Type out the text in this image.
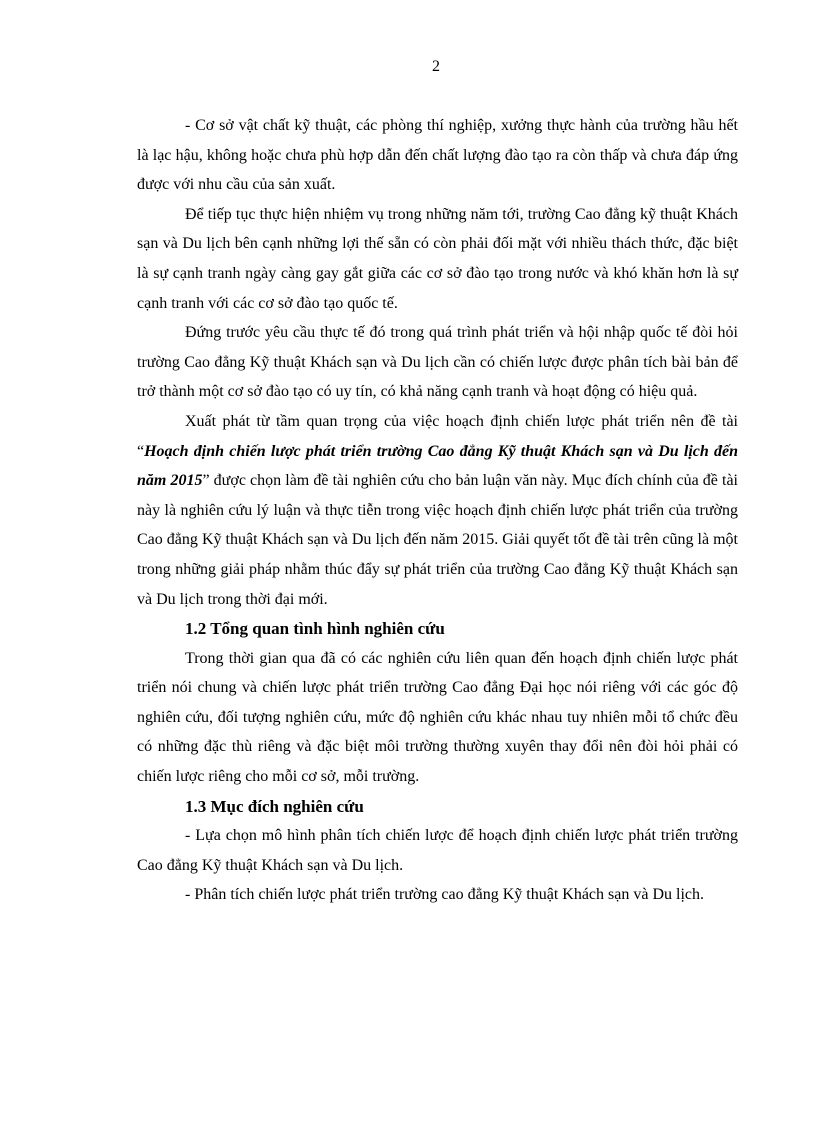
2

- Cơ sở vật chất kỹ thuật, các phòng thí nghiệp, xưởng thực hành của trường hầu hết là lạc hậu, không hoặc chưa phù hợp dẫn đến chất lượng đào tạo ra còn thấp và chưa đáp ứng được với nhu cầu của sản xuất.

Để tiếp tục thực hiện nhiệm vụ trong những năm tới, trường Cao đẳng kỹ thuật Khách sạn và Du lịch bên cạnh những lợi thế sẵn có còn phải đối mặt với nhiều thách thức, đặc biệt là sự cạnh tranh ngày càng gay gắt giữa các cơ sở đào tạo trong nước và khó khăn hơn là sự cạnh tranh với các cơ sở đào tạo quốc tế.

Đứng trước yêu cầu thực tế đó trong quá trình phát triển và hội nhập quốc tế đòi hỏi trường Cao đẳng Kỹ thuật Khách sạn và Du lịch cần có chiến lược được phân tích bài bản để trở thành một cơ sở đào tạo có uy tín, có khả năng cạnh tranh và hoạt động có hiệu quả.

Xuất phát từ tầm quan trọng của việc hoạch định chiến lược phát triển nên đề tài “Hoạch định chiến lược phát triển trường Cao đẳng Kỹ thuật Khách sạn và Du lịch đến năm 2015” được chọn làm đề tài nghiên cứu cho bản luận văn này. Mục đích chính của đề tài này là nghiên cứu lý luận và thực tiễn trong việc hoạch định chiến lược phát triển của trường Cao đẳng Kỹ thuật Khách sạn và Du lịch đến năm 2015. Giải quyết tốt đề tài trên cũng là một trong những giải pháp nhằm thúc đẩy sự phát triển của trường Cao đẳng Kỹ thuật Khách sạn và Du lịch trong thời đại mới.

1.2 Tổng quan tình hình nghiên cứu

Trong thời gian qua đã có các nghiên cứu liên quan đến hoạch định chiến lược phát triển nói chung và chiến lược phát triển trường Cao đẳng Đại học nói riêng với các góc độ nghiên cứu, đối tượng nghiên cứu, mức độ nghiên cứu khác nhau tuy nhiên mỗi tổ chức đều có những đặc thù riêng và đặc biệt môi trường thường xuyên thay đổi nên đòi hỏi phải có chiến lược riêng cho mỗi cơ sở, mỗi trường.

1.3 Mục đích nghiên cứu

- Lựa chọn mô hình phân tích chiến lược để hoạch định chiến lược phát triển trường Cao đẳng Kỹ thuật Khách sạn và Du lịch.

- Phân tích chiến lược phát triển trường cao đẳng Kỹ thuật Khách sạn và Du lịch.
